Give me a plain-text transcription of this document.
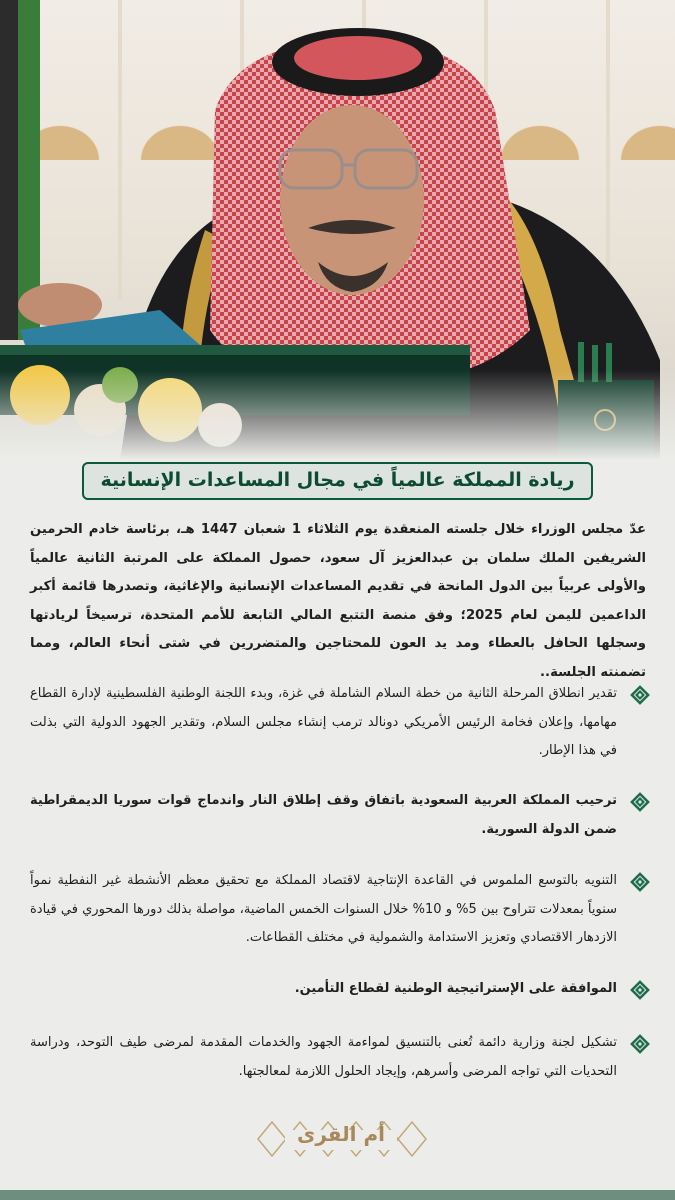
ريادة المملكة عالمياً في مجال المساعدات الإنسانية
عدّ مجلس الوزراء خلال جلسته المنعقدة يوم الثلاثاء 1 شعبان 1447 هـ، برئاسة خادم الحرمين الشريفين الملك سلمان بن عبدالعزيز آل سعود، حصول المملكة على المرتبة الثانية عالمياً والأولى عربياً بين الدول المانحة في تقديم المساعدات الإنسانية والإغاثية، وتصدرها قائمة أكبر الداعمين لليمن لعام 2025؛ وفق منصة التتبع المالي التابعة للأمم المتحدة، ترسيخاً لريادتها وسجلها الحافل بالعطاء ومد يد العون للمحتاجين والمتضررين في شتى أنحاء العالم، ومما تضمنته الجلسة..
تقدير انطلاق المرحلة الثانية من خطة السلام الشاملة في غزة، وبدء اللجنة الوطنية الفلسطينية لإدارة القطاع مهامها، وإعلان فخامة الرئيس الأمريكي دونالد ترمب إنشاء مجلس السلام، وتقدير الجهود الدولية التي بذلت في هذا الإطار.
ترحيب المملكة العربية السعودية باتفاق وقف إطلاق النار واندماج قوات سوريا الديمقراطية ضمن الدولة السورية.
التنويه بالتوسع الملموس في القاعدة الإنتاجية لاقتصاد المملكة مع تحقيق معظم الأنشطة غير النفطية نمواً سنوياً بمعدلات تتراوح بين 5% و 10% خلال السنوات الخمس الماضية، مواصلة بذلك دورها المحوري في قيادة الازدهار الاقتصادي وتعزيز الاستدامة والشمولية في مختلف القطاعات.
الموافقة على الإستراتيجية الوطنية لقطاع التأمين.
تشكيل لجنة وزارية دائمة تُعنى بالتنسيق لمواءمة الجهود والخدمات المقدمة لمرضى طيف التوحد، ودراسة التحديات التي تواجه المرضى وأسرهم، وإيجاد الحلول اللازمة لمعالجتها.
أم القرى
